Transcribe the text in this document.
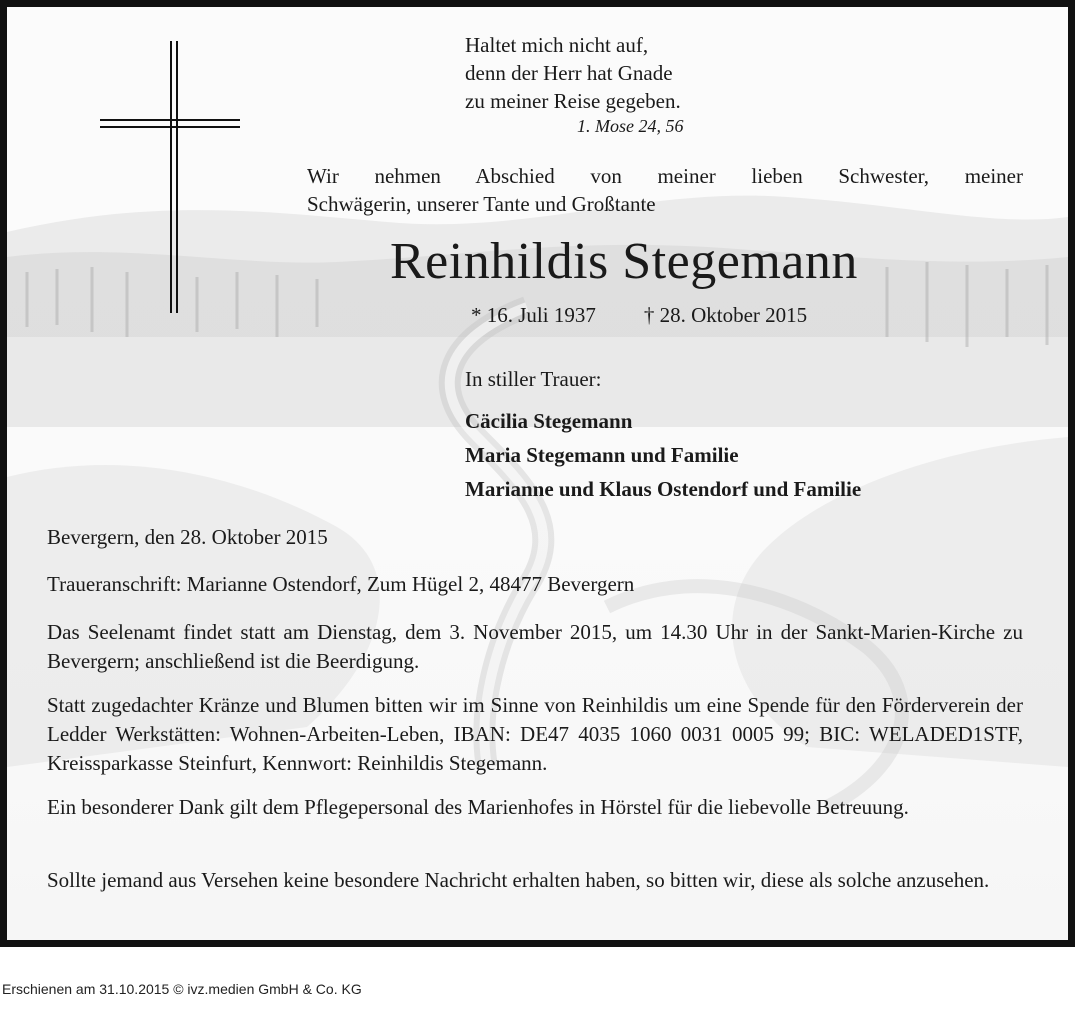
Haltet mich nicht auf,
denn der Herr hat Gnade
zu meiner Reise gegeben.
1. Mose 24, 56
Wir nehmen Abschied von meiner lieben Schwester, meiner
Schwägerin, unserer Tante und Großtante
Reinhildis Stegemann
* 16. Juli 1937 † 28. Oktober 2015
In stiller Trauer:
Cäcilia Stegemann
Maria Stegemann und Familie
Marianne und Klaus Ostendorf und Familie
Bevergern, den 28. Oktober 2015
Traueranschrift: Marianne Ostendorf, Zum Hügel 2, 48477 Bevergern
Das Seelenamt findet statt am Dienstag, dem 3. November 2015, um 14.30 Uhr in der Sankt-Marien-Kirche zu Bevergern; anschließend ist die Beerdigung.
Statt zugedachter Kränze und Blumen bitten wir im Sinne von Reinhildis um eine Spende für den Förderverein der Ledder Werkstätten: Wohnen-Arbeiten-Leben, IBAN: DE47 4035 1060 0031 0005 99; BIC: WELADED1STF, Kreissparkasse Steinfurt, Kennwort: Reinhildis Stegemann.
Ein besonderer Dank gilt dem Pflegepersonal des Marienhofes in Hörstel für die liebevolle Betreuung.
Sollte jemand aus Versehen keine besondere Nachricht erhalten haben, so bitten wir, diese als solche anzusehen.
Erschienen am 31.10.2015 © ivz.medien GmbH & Co. KG
